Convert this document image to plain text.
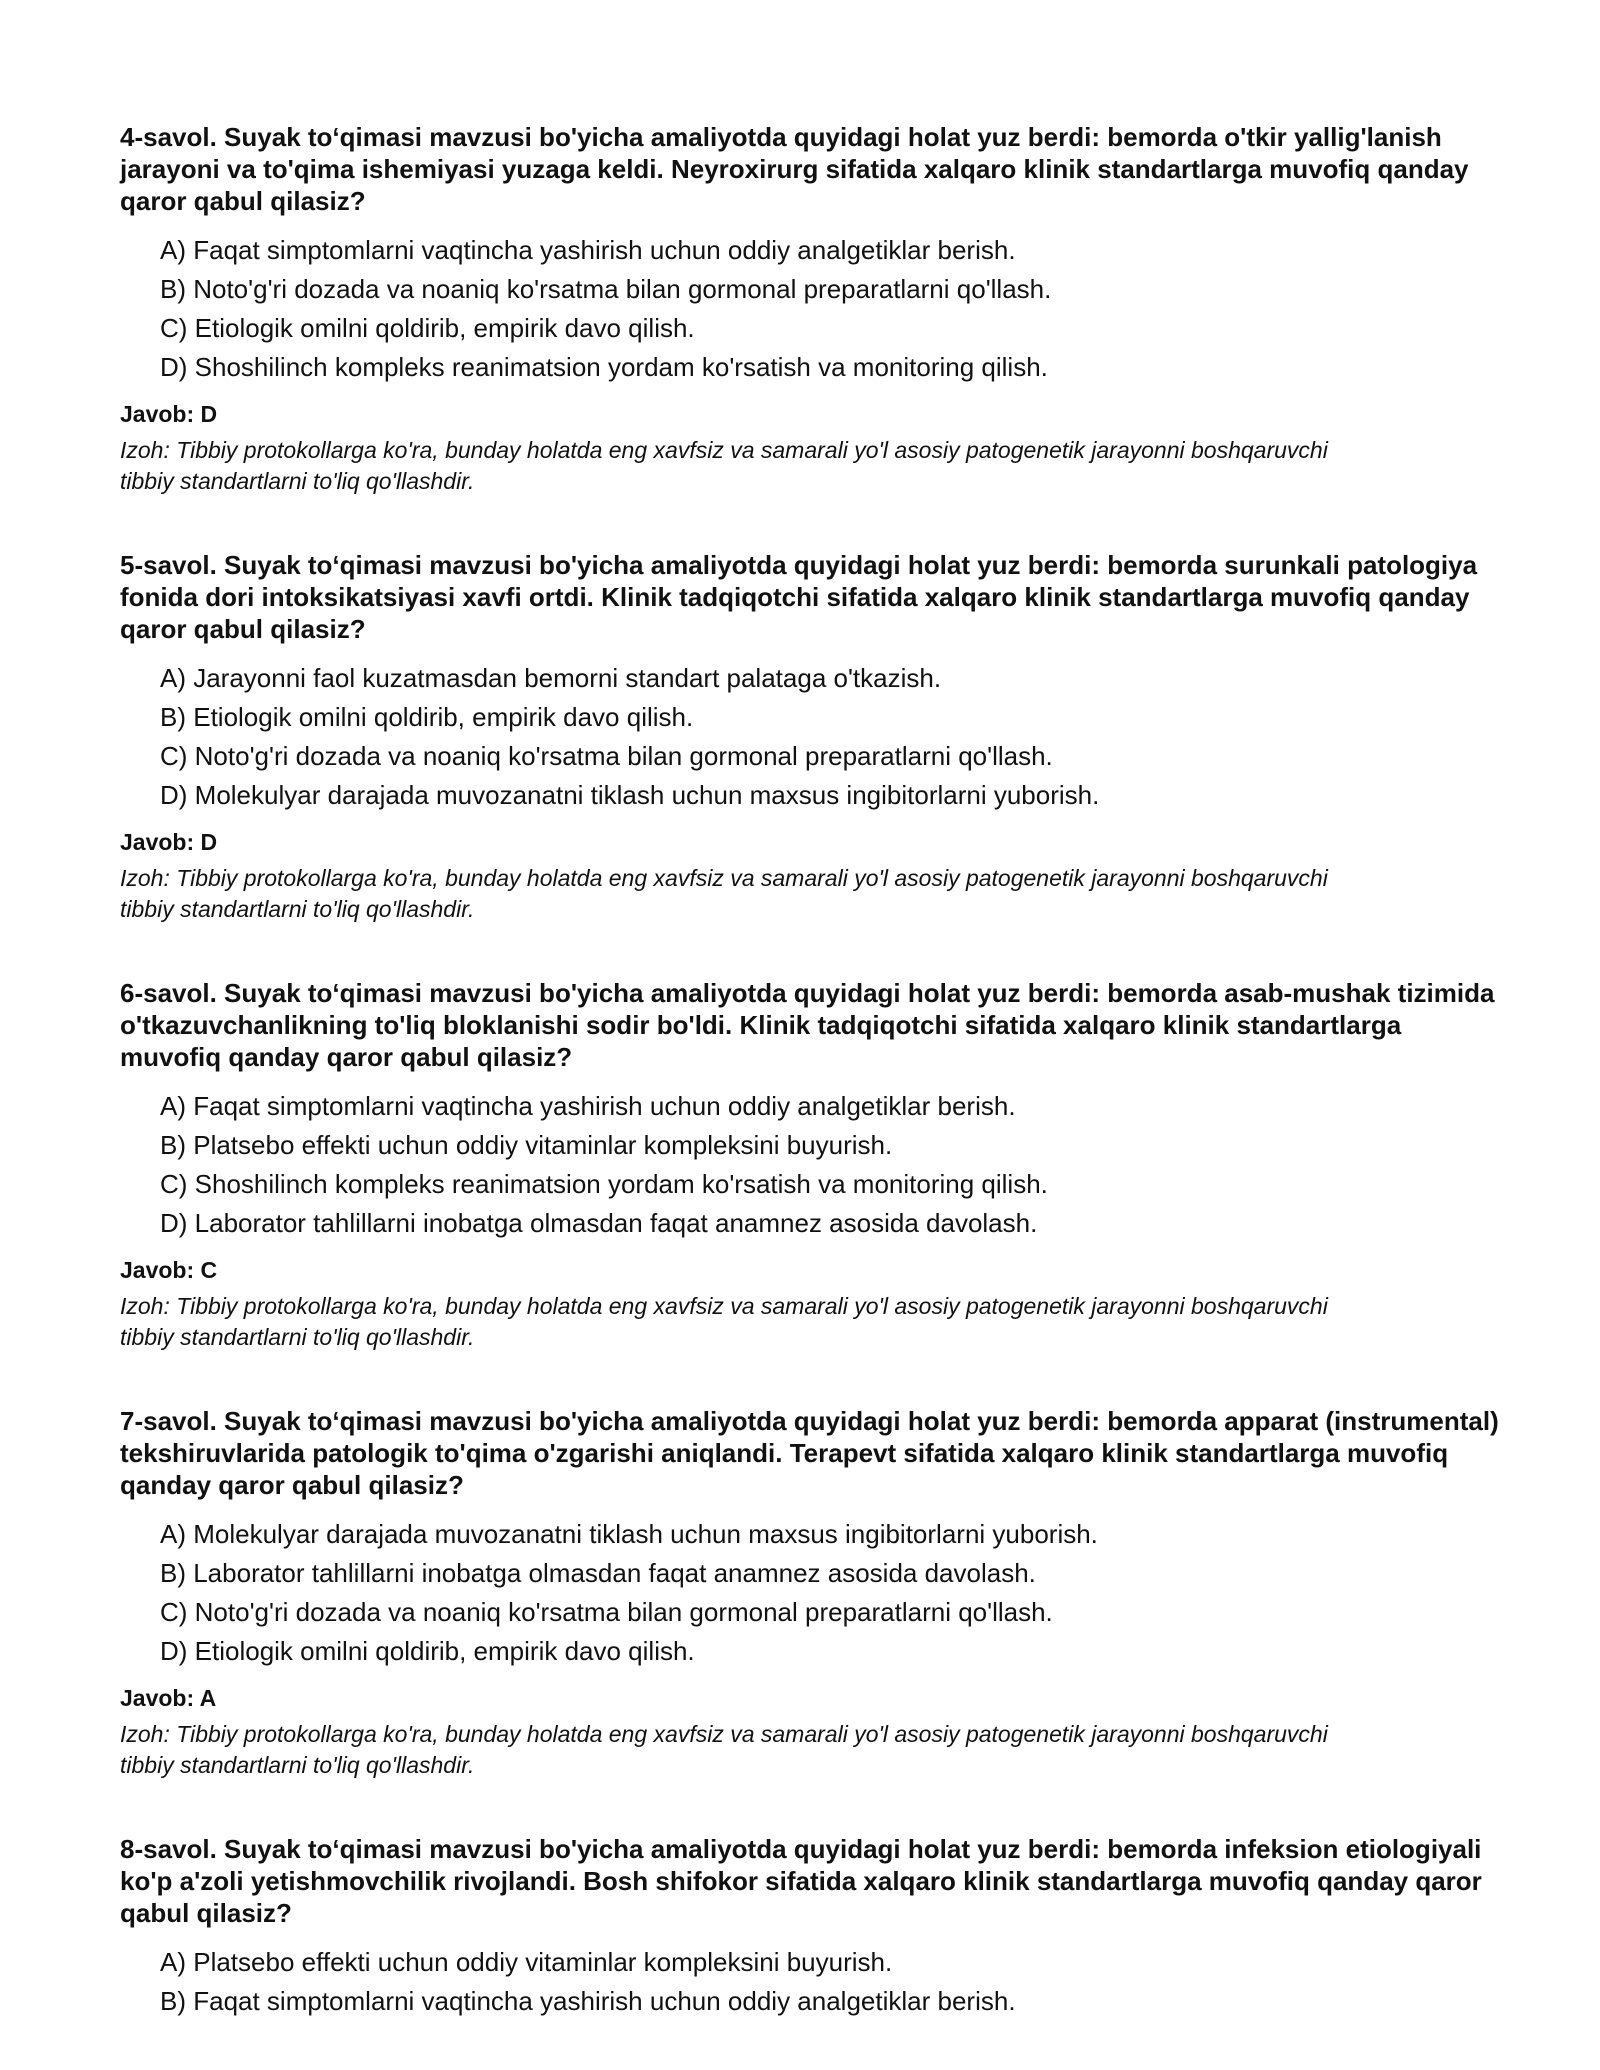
4-savol. Suyak to‘qimasi mavzusi bo'yicha amaliyotda quyidagi holat yuz berdi: bemorda o'tkir yallig'lanish jarayoni va to'qima ishemiyasi yuzaga keldi. Neyroxirurg sifatida xalqaro klinik standartlarga muvofiq qanday qaror qabul qilasiz?

A) Faqat simptomlarni vaqtincha yashirish uchun oddiy analgetiklar berish.
B) Noto'g'ri dozada va noaniq ko'rsatma bilan gormonal preparatlarni qo'llash.
C) Etiologik omilni qoldirib, empirik davo qilish.
D) Shoshilinch kompleks reanimatsion yordam ko'rsatish va monitoring qilish.

Javob: D

Izoh: Tibbiy protokollarga ko'ra, bunday holatda eng xavfsiz va samarali yo'l asosiy patogenetik jarayonni boshqaruvchi tibbiy standartlarni to'liq qo'llashdir.

5-savol. Suyak to‘qimasi mavzusi bo'yicha amaliyotda quyidagi holat yuz berdi: bemorda surunkali patologiya fonida dori intoksikatsiyasi xavfi ortdi. Klinik tadqiqotchi sifatida xalqaro klinik standartlarga muvofiq qanday qaror qabul qilasiz?

A) Jarayonni faol kuzatmasdan bemorni standart palataga o'tkazish.
B) Etiologik omilni qoldirib, empirik davo qilish.
C) Noto'g'ri dozada va noaniq ko'rsatma bilan gormonal preparatlarni qo'llash.
D) Molekulyar darajada muvozanatni tiklash uchun maxsus ingibitorlarni yuborish.

Javob: D

Izoh: Tibbiy protokollarga ko'ra, bunday holatda eng xavfsiz va samarali yo'l asosiy patogenetik jarayonni boshqaruvchi tibbiy standartlarni to'liq qo'llashdir.

6-savol. Suyak to‘qimasi mavzusi bo'yicha amaliyotda quyidagi holat yuz berdi: bemorda asab-mushak tizimida o'tkazuvchanlikning to'liq bloklanishi sodir bo'ldi. Klinik tadqiqotchi sifatida xalqaro klinik standartlarga muvofiq qanday qaror qabul qilasiz?

A) Faqat simptomlarni vaqtincha yashirish uchun oddiy analgetiklar berish.
B) Platsebo effekti uchun oddiy vitaminlar kompleksini buyurish.
C) Shoshilinch kompleks reanimatsion yordam ko'rsatish va monitoring qilish.
D) Laborator tahlillarni inobatga olmasdan faqat anamnez asosida davolash.

Javob: C

Izoh: Tibbiy protokollarga ko'ra, bunday holatda eng xavfsiz va samarali yo'l asosiy patogenetik jarayonni boshqaruvchi tibbiy standartlarni to'liq qo'llashdir.

7-savol. Suyak to‘qimasi mavzusi bo'yicha amaliyotda quyidagi holat yuz berdi: bemorda apparat (instrumental) tekshiruvlarida patologik to'qima o'zgarishi aniqlandi. Terapevt sifatida xalqaro klinik standartlarga muvofiq qanday qaror qabul qilasiz?

A) Molekulyar darajada muvozanatni tiklash uchun maxsus ingibitorlarni yuborish.
B) Laborator tahlillarni inobatga olmasdan faqat anamnez asosida davolash.
C) Noto'g'ri dozada va noaniq ko'rsatma bilan gormonal preparatlarni qo'llash.
D) Etiologik omilni qoldirib, empirik davo qilish.

Javob: A

Izoh: Tibbiy protokollarga ko'ra, bunday holatda eng xavfsiz va samarali yo'l asosiy patogenetik jarayonni boshqaruvchi tibbiy standartlarni to'liq qo'llashdir.

8-savol. Suyak to‘qimasi mavzusi bo'yicha amaliyotda quyidagi holat yuz berdi: bemorda infeksion etiologiyali ko'p a'zoli yetishmovchilik rivojlandi. Bosh shifokor sifatida xalqaro klinik standartlarga muvofiq qanday qaror qabul qilasiz?

A) Platsebo effekti uchun oddiy vitaminlar kompleksini buyurish.
B) Faqat simptomlarni vaqtincha yashirish uchun oddiy analgetiklar berish.
